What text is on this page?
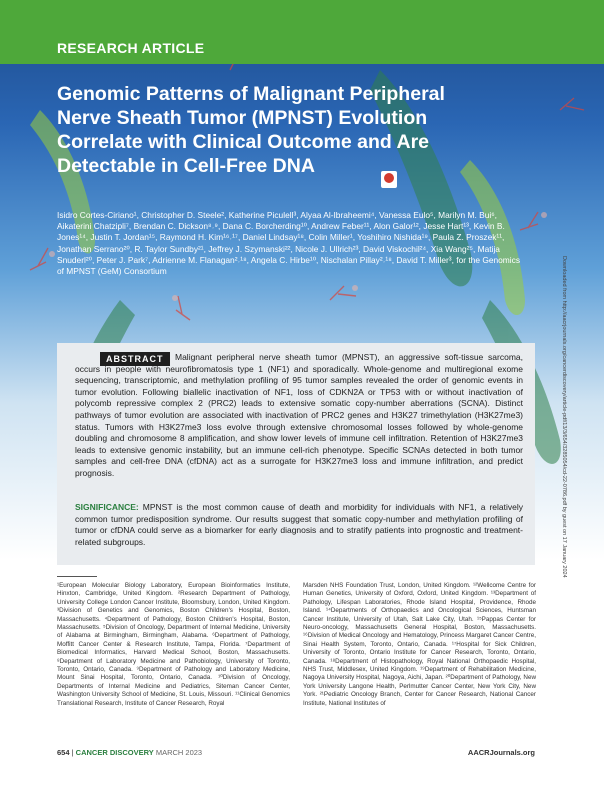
RESEARCH ARTICLE
Genomic Patterns of Malignant Peripheral Nerve Sheath Tumor (MPNST) Evolution Correlate with Clinical Outcome and Are Detectable in Cell-Free DNA

Isidro Cortes-Ciriano¹, Christopher D. Steele², Katherine Piculell³, Alyaa Al-Ibraheemi⁴, Vanessa Eulo⁵, Marilyn M. Bui⁶, Aikaterini Chatzipli⁷, Brendan C. Dickson⁸˒⁹, Dana C. Borcherding¹⁰, Andrew Feber¹¹, Alon Galor¹², Jesse Hart¹³, Kevin B. Jones¹⁴, Justin T. Jordan¹⁵, Raymond H. Kim¹⁶˒¹⁷, Daniel Lindsay¹⁸, Colin Miller¹, Yoshihiro Nishida¹⁹, Paula Z. Proszek¹¹, Jonathan Serrano²⁰, R. Taylor Sundby²¹, Jeffrey J. Szymanski²², Nicole J. Ullrich²³, David Viskochil²⁴, Xia Wang²⁵, Matija Snuderl²⁰, Peter J. Park⁷, Adrienne M. Flanagan²˒¹⁸, Angela C. Hirbe¹⁰, Nischalan Pillay²˒¹⁸, David T. Miller³, for the Genomics of MPNST (GeM) Consortium

ABSTRACT	Malignant peripheral nerve sheath tumor (MPNST), an aggressive soft-tissue sarcoma, occurs in people with neurofibromatosis type 1 (NF1) and sporadically. Whole-genome and multiregional exome sequencing, transcriptomic, and methylation profiling of 95 tumor samples revealed the order of genomic events in tumor evolution. Following biallelic inactivation of NF1, loss of CDKN2A or TP53 with or without inactivation of polycomb repressive complex 2 (PRC2) leads to extensive somatic copy-number aberrations (SCNA). Distinct pathways of tumor evolution are associated with inactivation of PRC2 genes and H3K27 trimethylation (H3K27me3) status. Tumors with H3K27me3 loss evolve through extensive chromosomal losses followed by whole-genome doubling and chromosome 8 amplification, and show lower levels of immune cell infiltration. Retention of H3K27me3 leads to extensive genomic instability, but an immune cell-rich phenotype. Specific SCNAs detected in both tumor samples and cell-free DNA (cfDNA) act as a surrogate for H3K27me3 loss and immune infiltration, and predict prognosis.

SIGNIFICANCE: MPNST is the most common cause of death and morbidity for individuals with NF1, a relatively common tumor predisposition syndrome. Our results suggest that somatic copy-number and methylation profiling of tumor or cfDNA could serve as a biomarker for early diagnosis and to stratify patients into prognostic and treatment-related subgroups.

¹European Molecular Biology Laboratory, European Bioinformatics Institute, Hinxton, Cambridge, United Kingdom. ²Research Department of Pathology, University College London Cancer Institute, Bloomsbury, London, United Kingdom. ³Division of Genetics and Genomics, Boston Children's Hospital, Boston, Massachusetts. ⁴Department of Pathology, Boston Children's Hospital, Boston, Massachusetts. ⁵Division of Oncology, Department of Internal Medicine, University of Alabama at Birmingham, Birmingham, Alabama. ⁶Department of Pathology, Moffitt Cancer Center & Research Institute, Tampa, Florida. ⁷Department of Biomedical Informatics, Harvard Medical School, Boston, Massachusetts. ⁸Department of Laboratory Medicine and Pathobiology, University of Toronto, Toronto, Ontario, Canada. ⁹Department of Pathology and Laboratory Medicine, Mount Sinai Hospital, Toronto, Ontario, Canada. ¹⁰Division of Oncology, Departments of Internal Medicine and Pediatrics, Siteman Cancer Center, Washington University School of Medicine, St. Louis, Missouri. ¹¹Clinical Genomics Translational Research, Institute of Cancer Research, Royal

Marsden NHS Foundation Trust, London, United Kingdom. ¹²Wellcome Centre for Human Genetics, University of Oxford, Oxford, United Kingdom. ¹³Department of Pathology, Lifespan Laboratories, Rhode Island Hospital, Providence, Rhode Island. ¹⁴Departments of Orthopaedics and Oncological Sciences, Huntsman Cancer Institute, University of Utah, Salt Lake City, Utah. ¹⁵Pappas Center for Neuro-oncology, Massachusetts General Hospital, Boston, Massachusetts. ¹⁶Division of Medical Oncology and Hematology, Princess Margaret Cancer Centre, Sinai Health System, Toronto, Ontario, Canada. ¹⁷Hospital for Sick Children, University of Toronto, Ontario Institute for Cancer Research, Toronto, Ontario, Canada. ¹⁸Department of Histopathology, Royal National Orthopaedic Hospital, NHS Trust, Middlesex, United Kingdom. ¹⁹Department of Rehabilitation Medicine, Nagoya University Hospital, Nagoya, Aichi, Japan. ²⁰Department of Pathology, New York University Langone Health, Perlmutter Cancer Center, New York City, New York. ²¹Pediatric Oncology Branch, Center for Cancer Research, National Cancer Institute, National Institutes of

654 | CANCER DISCOVERY MARCH 2023	AACRJournals.org
Downloaded from http://aacrjournals.org/cancerdiscovery/article-pdf/13/3/654/3285054/cd-22-0786.pdf by guest on 17 January 2024
